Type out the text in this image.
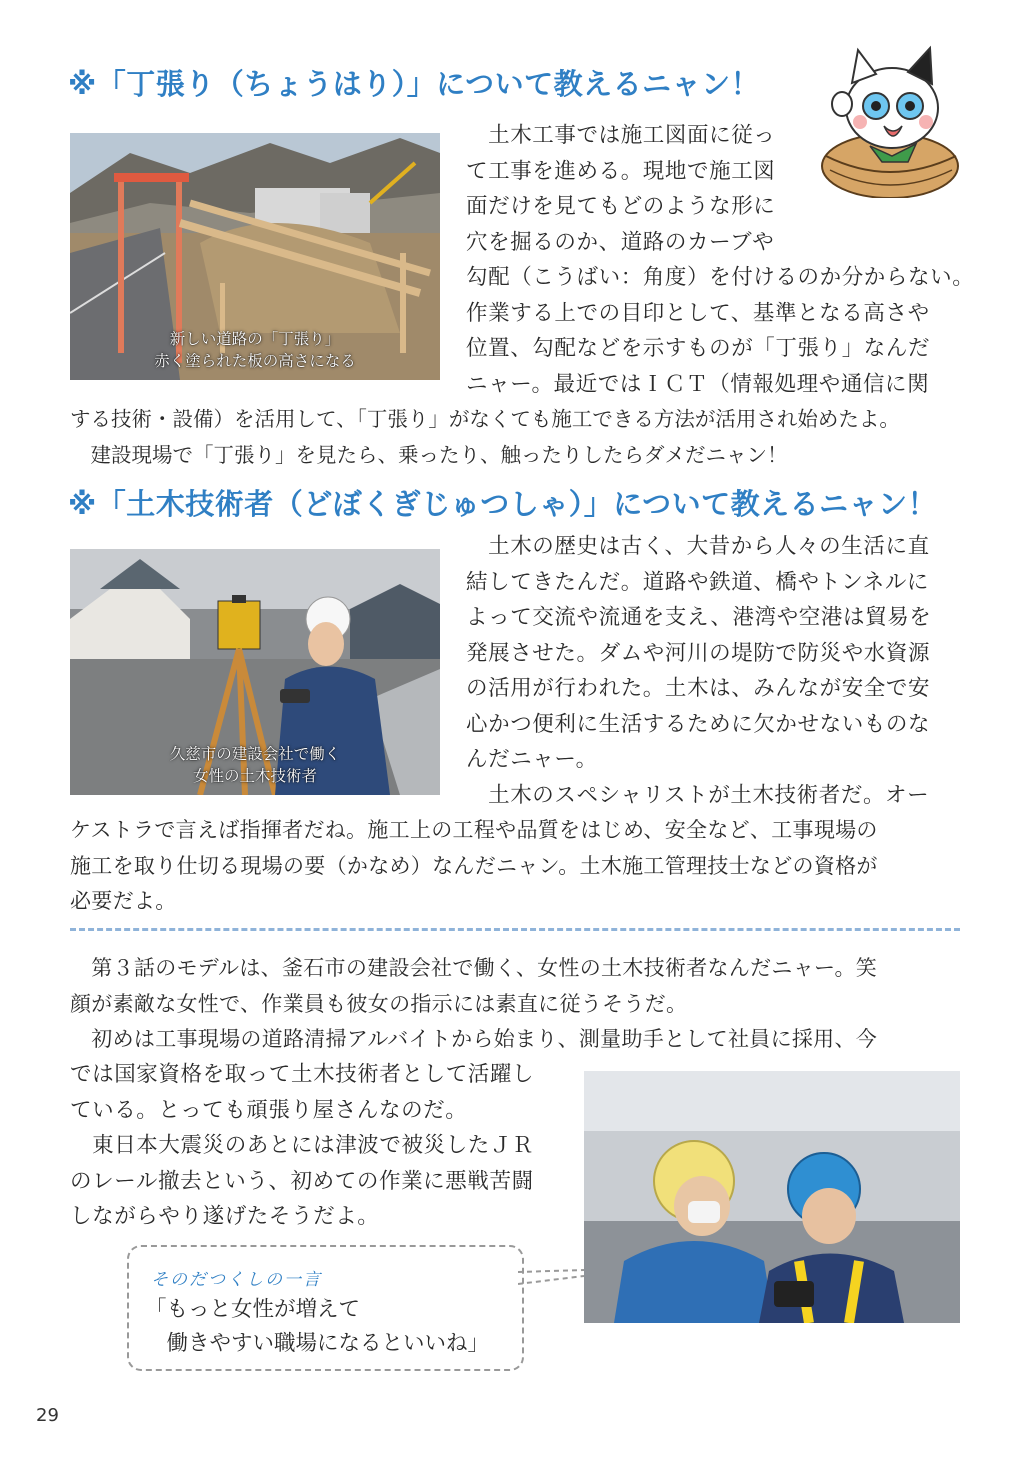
※「丁張り（ちょうはり）」について教えるニャン！
新しい道路の「丁張り」
赤く塗られた板の高さになる
　土木工事では施工図面に従っ
て工事を進める。現地で施工図
面だけを見てもどのような形に
穴を掘るのか、道路のカーブや
勾配（こうばい：角度）を付けるのか分からない。
作業する上での目印として、基準となる高さや
位置、勾配などを示すものが「丁張り」なんだ
ニャー。最近ではＩＣＴ（情報処理や通信に関
する技術・設備）を活用して、「丁張り」がなくても施工できる方法が活用され始めたよ。
　建設現場で「丁張り」を見たら、乗ったり、触ったりしたらダメだニャン！
※「土木技術者（どぼくぎじゅつしゃ）」について教えるニャン！
久慈市の建設会社で働く
女性の土木技術者
　土木の歴史は古く、大昔から人々の生活に直
結してきたんだ。道路や鉄道、橋やトンネルに
よって交流や流通を支え、港湾や空港は貿易を
発展させた。ダムや河川の堤防で防災や水資源
の活用が行われた。土木は、みんなが安全で安
心かつ便利に生活するために欠かせないものな
んだニャー。
　土木のスペシャリストが土木技術者だ。オー
ケストラで言えば指揮者だね。施工上の工程や品質をはじめ、安全など、工事現場の
施工を取り仕切る現場の要（かなめ）なんだニャン。土木施工管理技士などの資格が
必要だよ。
　第３話のモデルは、釜石市の建設会社で働く、女性の土木技術者なんだニャー。笑
顔が素敵な女性で、作業員も彼女の指示には素直に従うそうだ。
　初めは工事現場の道路清掃アルバイトから始まり、測量助手として社員に採用、今
では国家資格を取って土木技術者として活躍し
ている。とっても頑張り屋さんなのだ。
　東日本大震災のあとには津波で被災したＪＲ
のレール撤去という、初めての作業に悪戦苦闘
しながらやり遂げたそうだよ。
そのだつくしの一言
「もっと女性が増えて
　働きやすい職場になるといいね」
29
